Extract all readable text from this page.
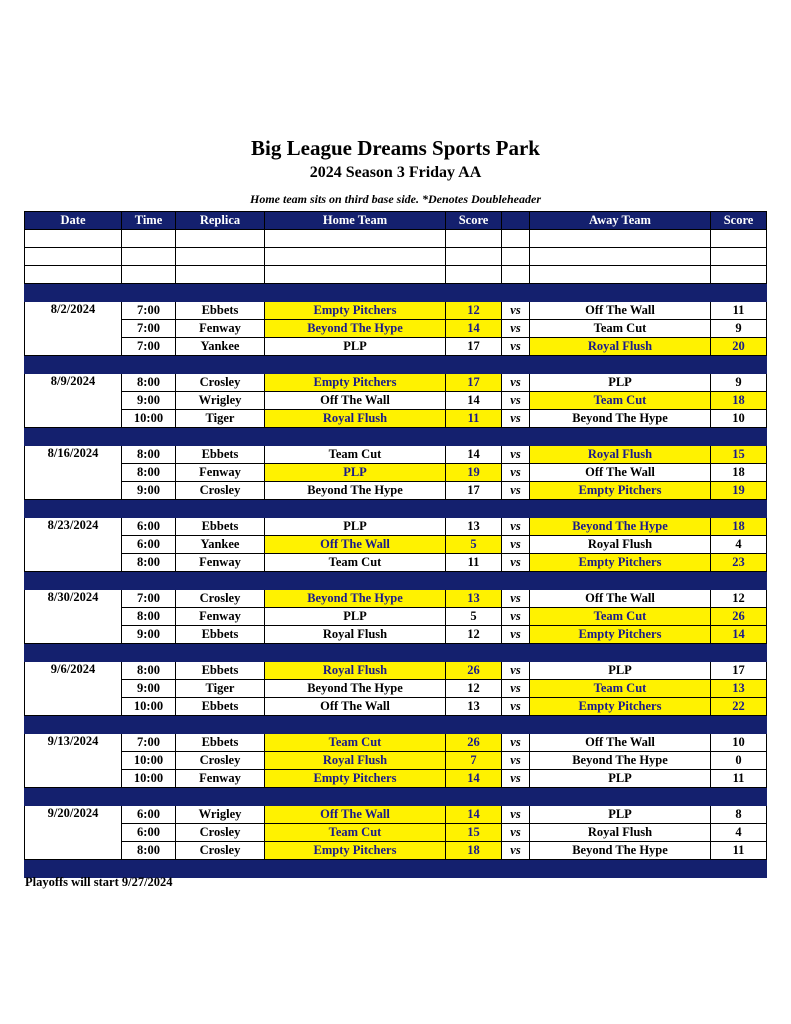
Big League Dreams Sports Park
2024 Season 3 Friday AA
Home team sits on third base side. *Denotes Doubleheader
Date	Time	Replica	Home Team	Score		Away Team	Score

8/2/2024	7:00	Ebbets	Empty Pitchers	12	vs	Off The Wall	11
	7:00	Fenway	Beyond The Hype	14	vs	Team Cut	9
	7:00	Yankee	PLP	17	vs	Royal Flush	20

8/9/2024	8:00	Crosley	Empty Pitchers	17	vs	PLP	9
	9:00	Wrigley	Off The Wall	14	vs	Team Cut	18
	10:00	Tiger	Royal Flush	11	vs	Beyond The Hype	10

8/16/2024	8:00	Ebbets	Team Cut	14	vs	Royal Flush	15
	8:00	Fenway	PLP	19	vs	Off The Wall	18
	9:00	Crosley	Beyond The Hype	17	vs	Empty Pitchers	19

8/23/2024	6:00	Ebbets	PLP	13	vs	Beyond The Hype	18
	6:00	Yankee	Off The Wall	5	vs	Royal Flush	4
	8:00	Fenway	Team Cut	11	vs	Empty Pitchers	23

8/30/2024	7:00	Crosley	Beyond The Hype	13	vs	Off The Wall	12
	8:00	Fenway	PLP	5	vs	Team Cut	26
	9:00	Ebbets	Royal Flush	12	vs	Empty Pitchers	14

9/6/2024	8:00	Ebbets	Royal Flush	26	vs	PLP	17
	9:00	Tiger	Beyond The Hype	12	vs	Team Cut	13
	10:00	Ebbets	Off The Wall	13	vs	Empty Pitchers	22

9/13/2024	7:00	Ebbets	Team Cut	26	vs	Off The Wall	10
	10:00	Crosley	Royal Flush	7	vs	Beyond The Hype	0
	10:00	Fenway	Empty Pitchers	14	vs	PLP	11

9/20/2024	6:00	Wrigley	Off The Wall	14	vs	PLP	8
	6:00	Crosley	Team Cut	15	vs	Royal Flush	4
	8:00	Crosley	Empty Pitchers	18	vs	Beyond The Hype	11

Playoffs will start 9/27/2024
